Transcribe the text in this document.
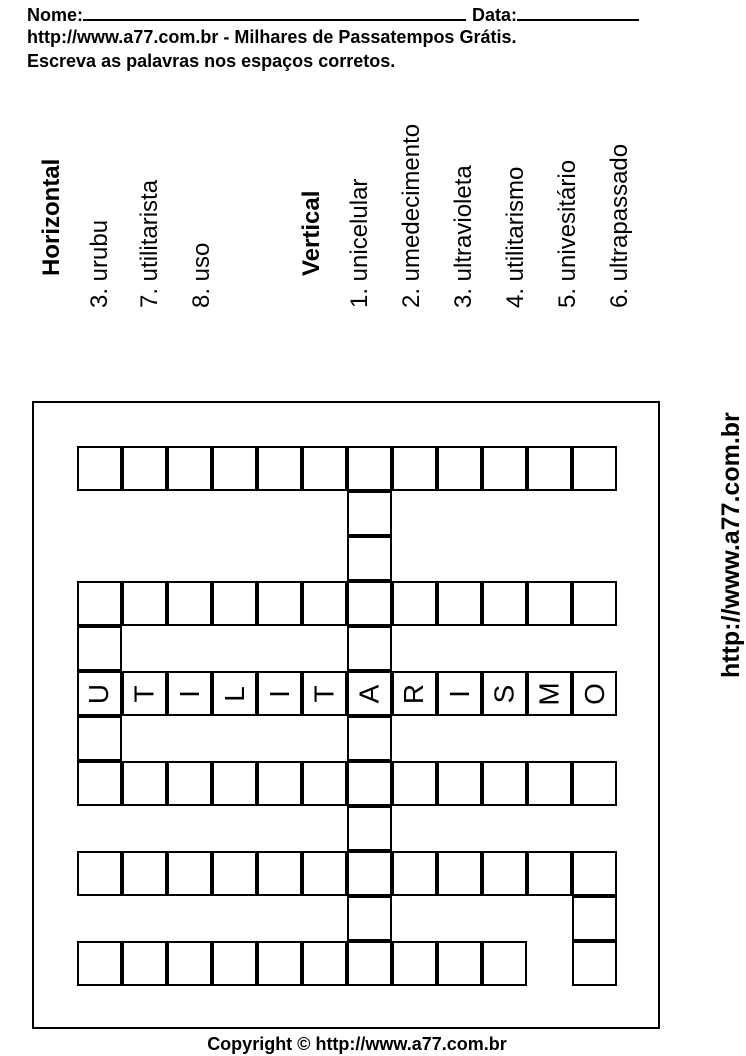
Nome:	Data:
http://www.a77.com.br - Milhares de Passatempos Grátis.
Escreva as palavras nos espaços corretos.
Horizontal 3. urubu 7. utilitarista 8. uso	Vertical 1. unicelular 2. umedecimento 3. ultravioleta 4. utilitarismo 5. univesitário 6. ultrapassado
U T I L I T A R I S M O
http://www.a77.com.br
Copyright © http://www.a77.com.br
